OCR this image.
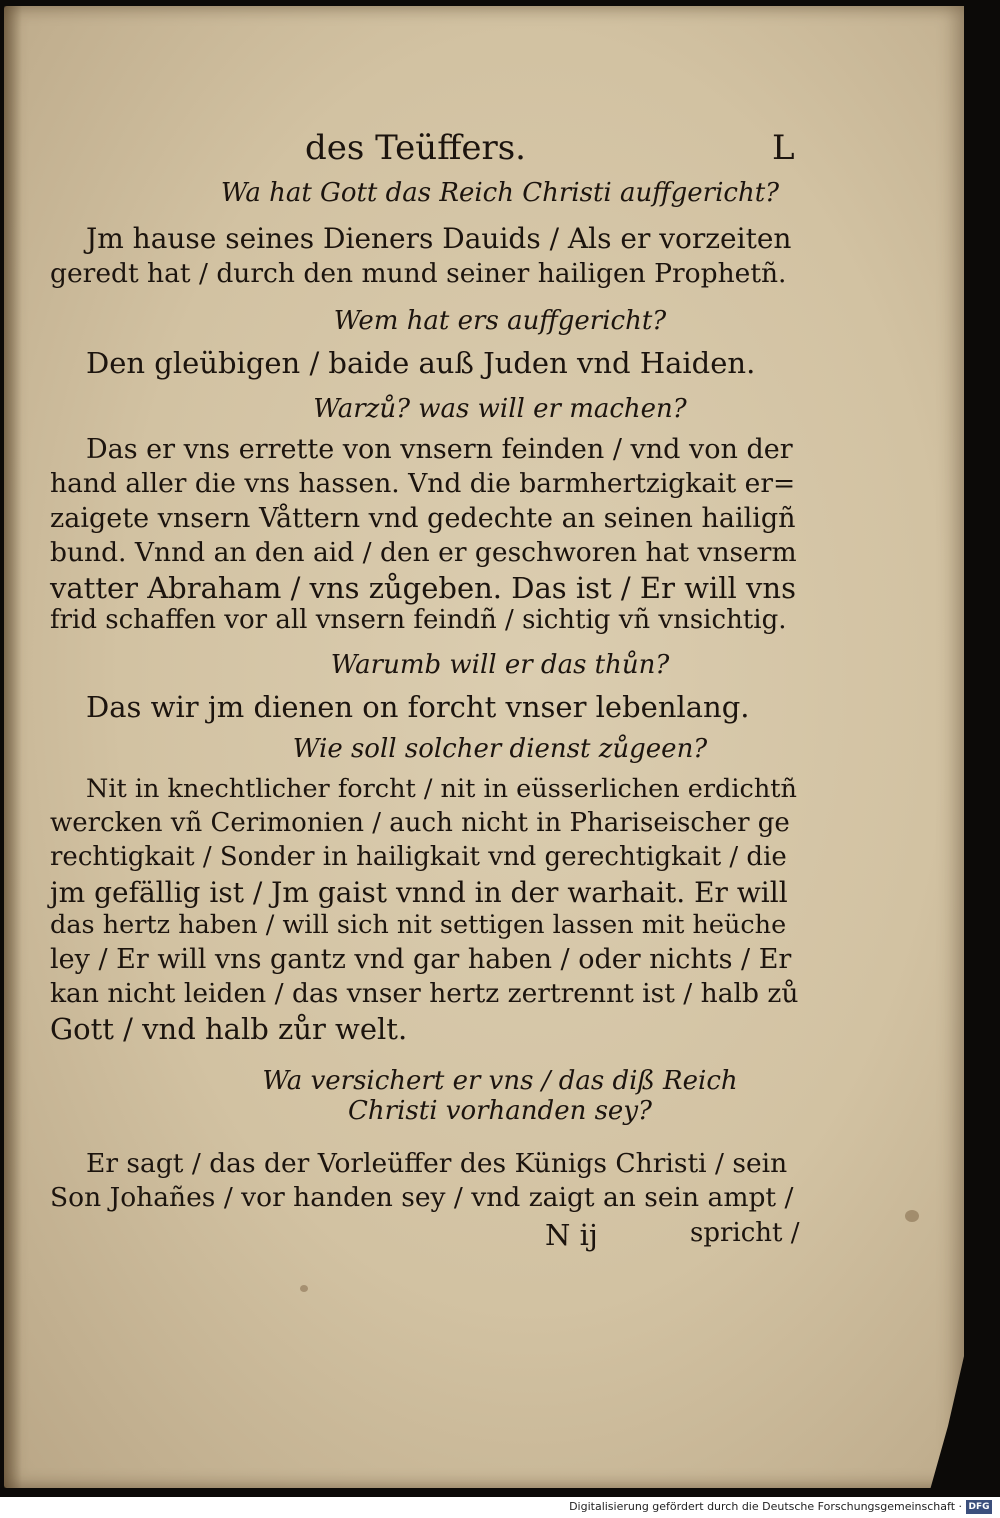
des Teüffers.	L
Wa hat Gott das Reich Christi auffgericht?
Jm hause seines Dieners Dauids / Als er vorzeiten
geredt hat / durch den mund seiner hailigen Prophetñ.
Wem hat ers auffgericht?
Den gleübigen / baide auß Juden vnd Haiden.
Warzů? was will er machen?
Das er vns errette von vnsern feinden / vnd von der
hand aller die vns hassen. Vnd die barmhertzigkait er=
zaigete vnsern Våttern vnd gedechte an seinen hailigñ
bund. Vnnd an den aid / den er geschworen hat vnserm
vatter Abraham / vns zůgeben. Das ist / Er will vns
frid schaffen vor all vnsern feindñ / sichtig vñ vnsichtig.
Warumb will er das thůn?
Das wir jm dienen on forcht vnser lebenlang.
Wie soll solcher dienst zůgeen?
Nit in knechtlicher forcht / nit in eüsserlichen erdichtñ
wercken vñ Cerimonien / auch nicht in Phariseischer ge
rechtigkait / Sonder in hailigkait vnd gerechtigkait / die
jm gefällig ist / Jm gaist vnnd in der warhait. Er will
das hertz haben / will sich nit settigen lassen mit heüche
ley / Er will vns gantz vnd gar haben / oder nichts / Er
kan nicht leiden / das vnser hertz zertrennt ist / halb zů
Gott / vnd halb zůr welt.
Wa versichert er vns / das diß Reich
Christi vorhanden sey?
Er sagt / das der Vorleüffer des Künigs Christi / sein
Son Johañes / vor handen sey / vnd zaigt an sein ampt /
N ij	spricht /
Digitalisierung gefördert durch die Deutsche Forschungsgemeinschaft · DFG
